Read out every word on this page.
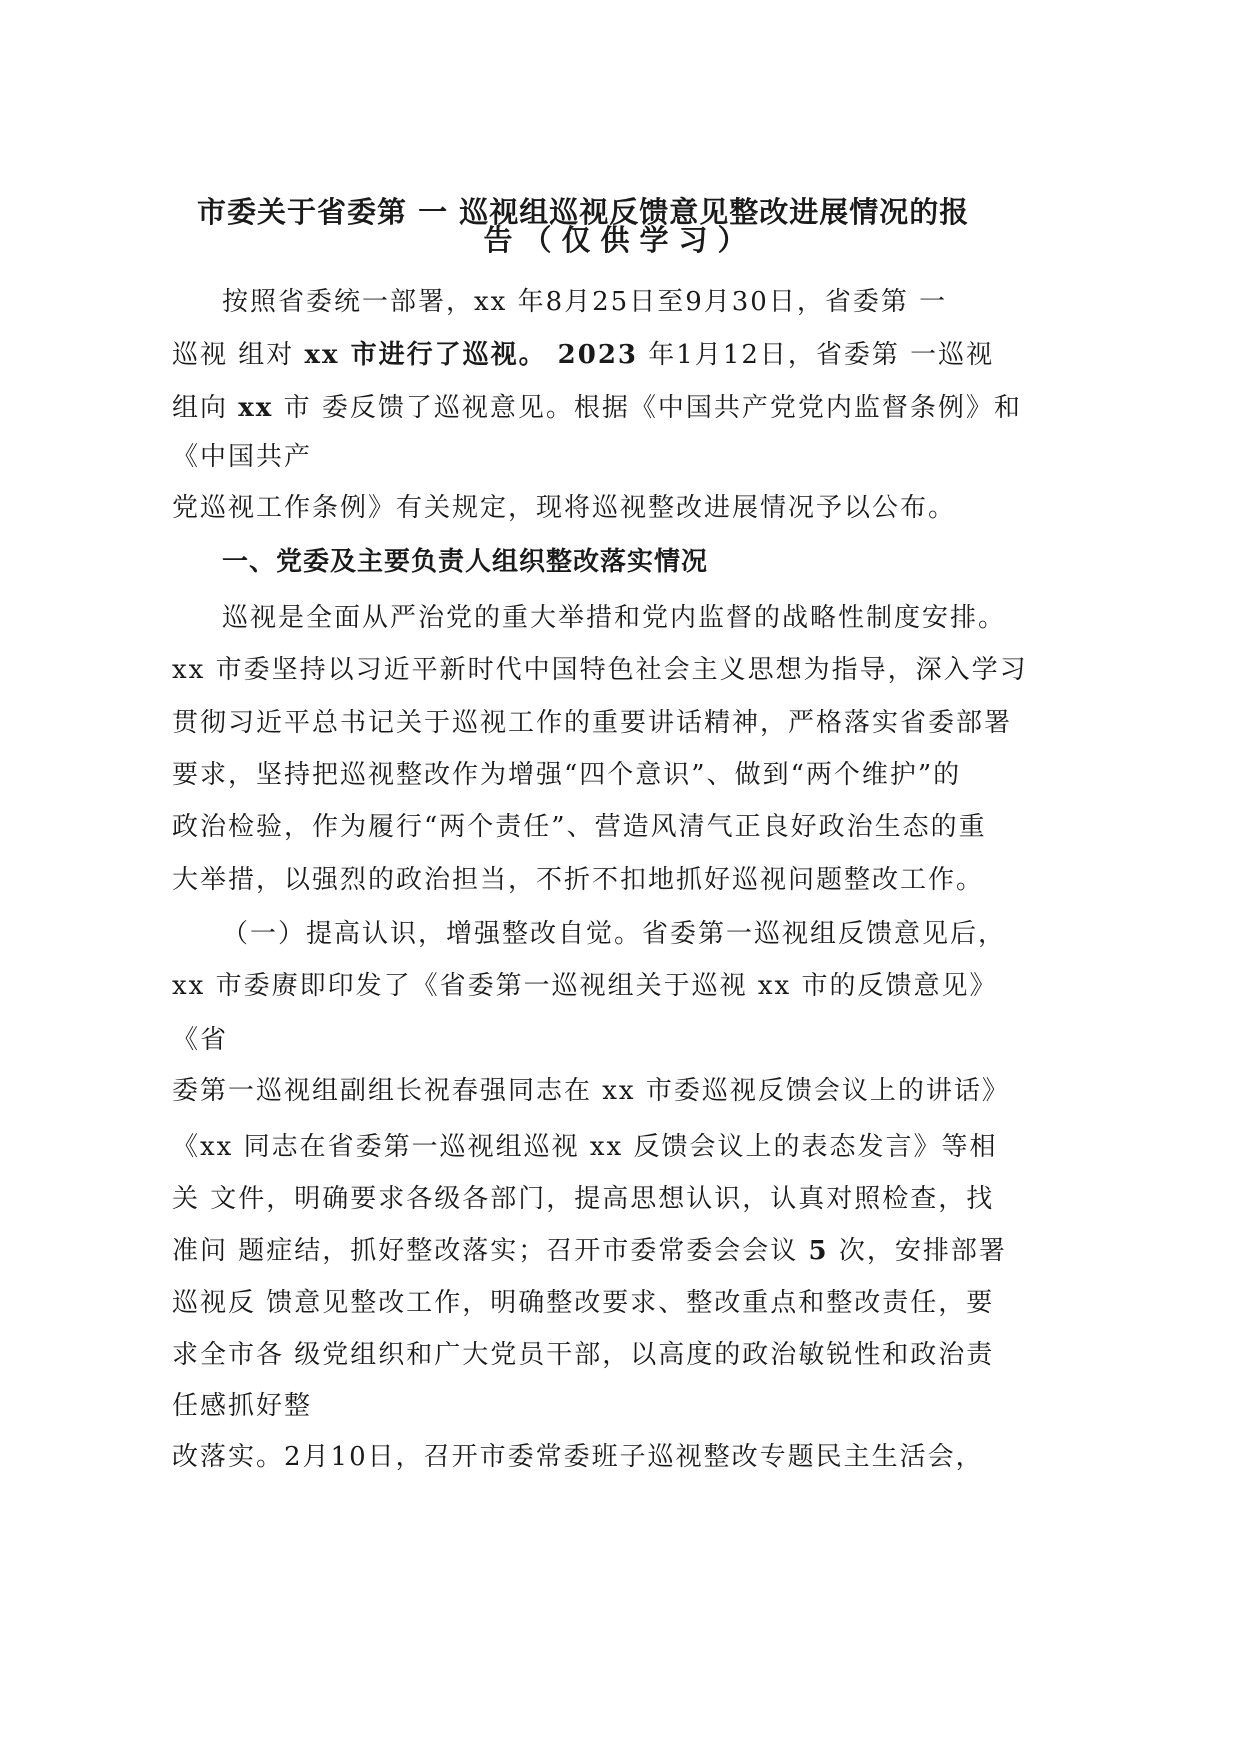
市委关于省委第 一 巡视组巡视反馈意见整改进展情况的报
告（仅供学习）
按照省委统一部署，xx 年8月25日至9月30日，省委第 一
巡视 组对 xx 市进行了巡视。 2023 年1月12日，省委第 一巡视
组向 xx 市 委反馈了巡视意见。根据《中国共产党党内监督条例》和
《中国共产
党巡视工作条例》有关规定，现将巡视整改进展情况予以公布。
一、党委及主要负责人组织整改落实情况
巡视是全面从严治党的重大举措和党内监督的战略性制度安排。
xx 市委坚持以习近平新时代中国特色社会主义思想为指导，深入学习
贯彻习近平总书记关于巡视工作的重要讲话精神，严格落实省委部署
要求，坚持把巡视整改作为增强“四个意识”、做到“两个维护”的
政治检验，作为履行“两个责任”、营造风清气正良好政治生态的重
大举措，以强烈的政治担当，不折不扣地抓好巡视问题整改工作。
（一）提高认识，增强整改自觉。省委第一巡视组反馈意见后，
xx 市委赓即印发了《省委第一巡视组关于巡视 xx 市的反馈意见》
《省
委第一巡视组副组长祝春强同志在 xx 市委巡视反馈会议上的讲话》
《xx 同志在省委第一巡视组巡视 xx 反馈会议上的表态发言》等相
关 文件，明确要求各级各部门，提高思想认识，认真对照检查，找
准问 题症结，抓好整改落实；召开市委常委会会议 5 次，安排部署
巡视反 馈意见整改工作，明确整改要求、整改重点和整改责任，要
求全市各 级党组织和广大党员干部，以高度的政治敏锐性和政治责
任感抓好整
改落实。2月10日，召开市委常委班子巡视整改专题民主生活会，
